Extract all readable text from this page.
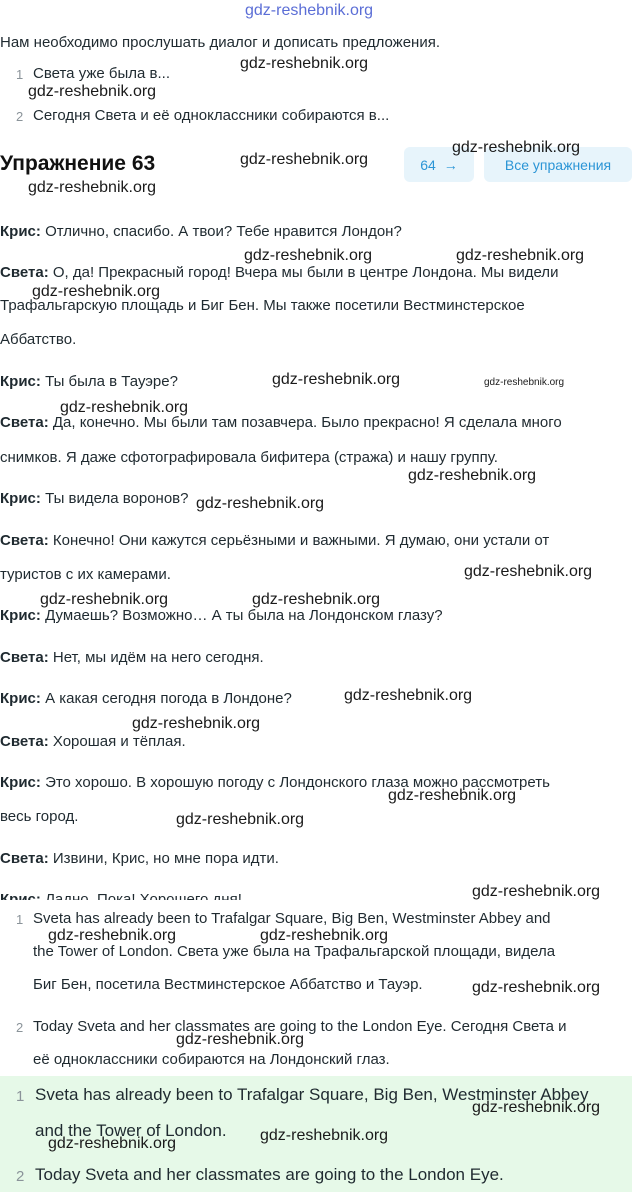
gdz-reshebnik.org
Нам необходимо прослушать диалог и дописать предложения.
1 Света уже была в...
2 Сегодня Света и её одноклассники собираются в...
Упражнение 63	64 →	Все упражнения
Крис: Отлично, спасибо. А твои? Тебе нравится Лондон?
Света: О, да! Прекрасный город! Вчера мы были в центре Лондона. Мы видели
Трафальгарскую площадь и Биг Бен. Мы также посетили Вестминстерское
Аббатство.
Крис: Ты была в Тауэре?
Света: Да, конечно. Мы были там позавчера. Было прекрасно! Я сделала много
снимков. Я даже сфотографировала бифитера (стража) и нашу группу.
Крис: Ты видела воронов?
Света: Конечно! Они кажутся серьёзными и важными. Я думаю, они устали от
туристов с их камерами.
Крис: Думаешь? Возможно… А ты была на Лондонском глазу?
Света: Нет, мы идём на него сегодня.
Крис: А какая сегодня погода в Лондоне?
Света: Хорошая и тёплая.
Крис: Это хорошо. В хорошую погоду с Лондонского глаза можно рассмотреть
весь город.
Света: Извини, Крис, но мне пора идти.
1 Sveta has already been to Trafalgar Square, Big Ben, Westminster Abbey and
the Tower of London. Света уже была на Трафальгарской площади, видела
Биг Бен, посетила Вестминстерское Аббатство и Тауэр.
2 Today Sveta and her classmates are going to the London Eye. Сегодня Света и
её одноклассники собираются на Лондонский глаз.
1 Sveta has already been to Trafalgar Square, Big Ben, Westminster Abbey
and the Tower of London.
2 Today Sveta and her classmates are going to the London Eye.
gdz-reshebnik.org
gdz-reshebnik.org
gdz-reshebnik.org
gdz-reshebnik.org
gdz-reshebnik.org
gdz-reshebnik.org	gdz-reshebnik.org
gdz-reshebnik.org
gdz-reshebnik.org	gdz-reshebnik.org
gdz-reshebnik.org
gdz-reshebnik.org
gdz-reshebnik.org
gdz-reshebnik.org
gdz-reshebnik.org	gdz-reshebnik.org
gdz-reshebnik.org
gdz-reshebnik.org
gdz-reshebnik.org
gdz-reshebnik.org
gdz-reshebnik.org
gdz-reshebnik.org	gdz-reshebnik.org
gdz-reshebnik.org
gdz-reshebnik.org
gdz-reshebnik.org
gdz-reshebnik.org
gdz-reshebnik.org
